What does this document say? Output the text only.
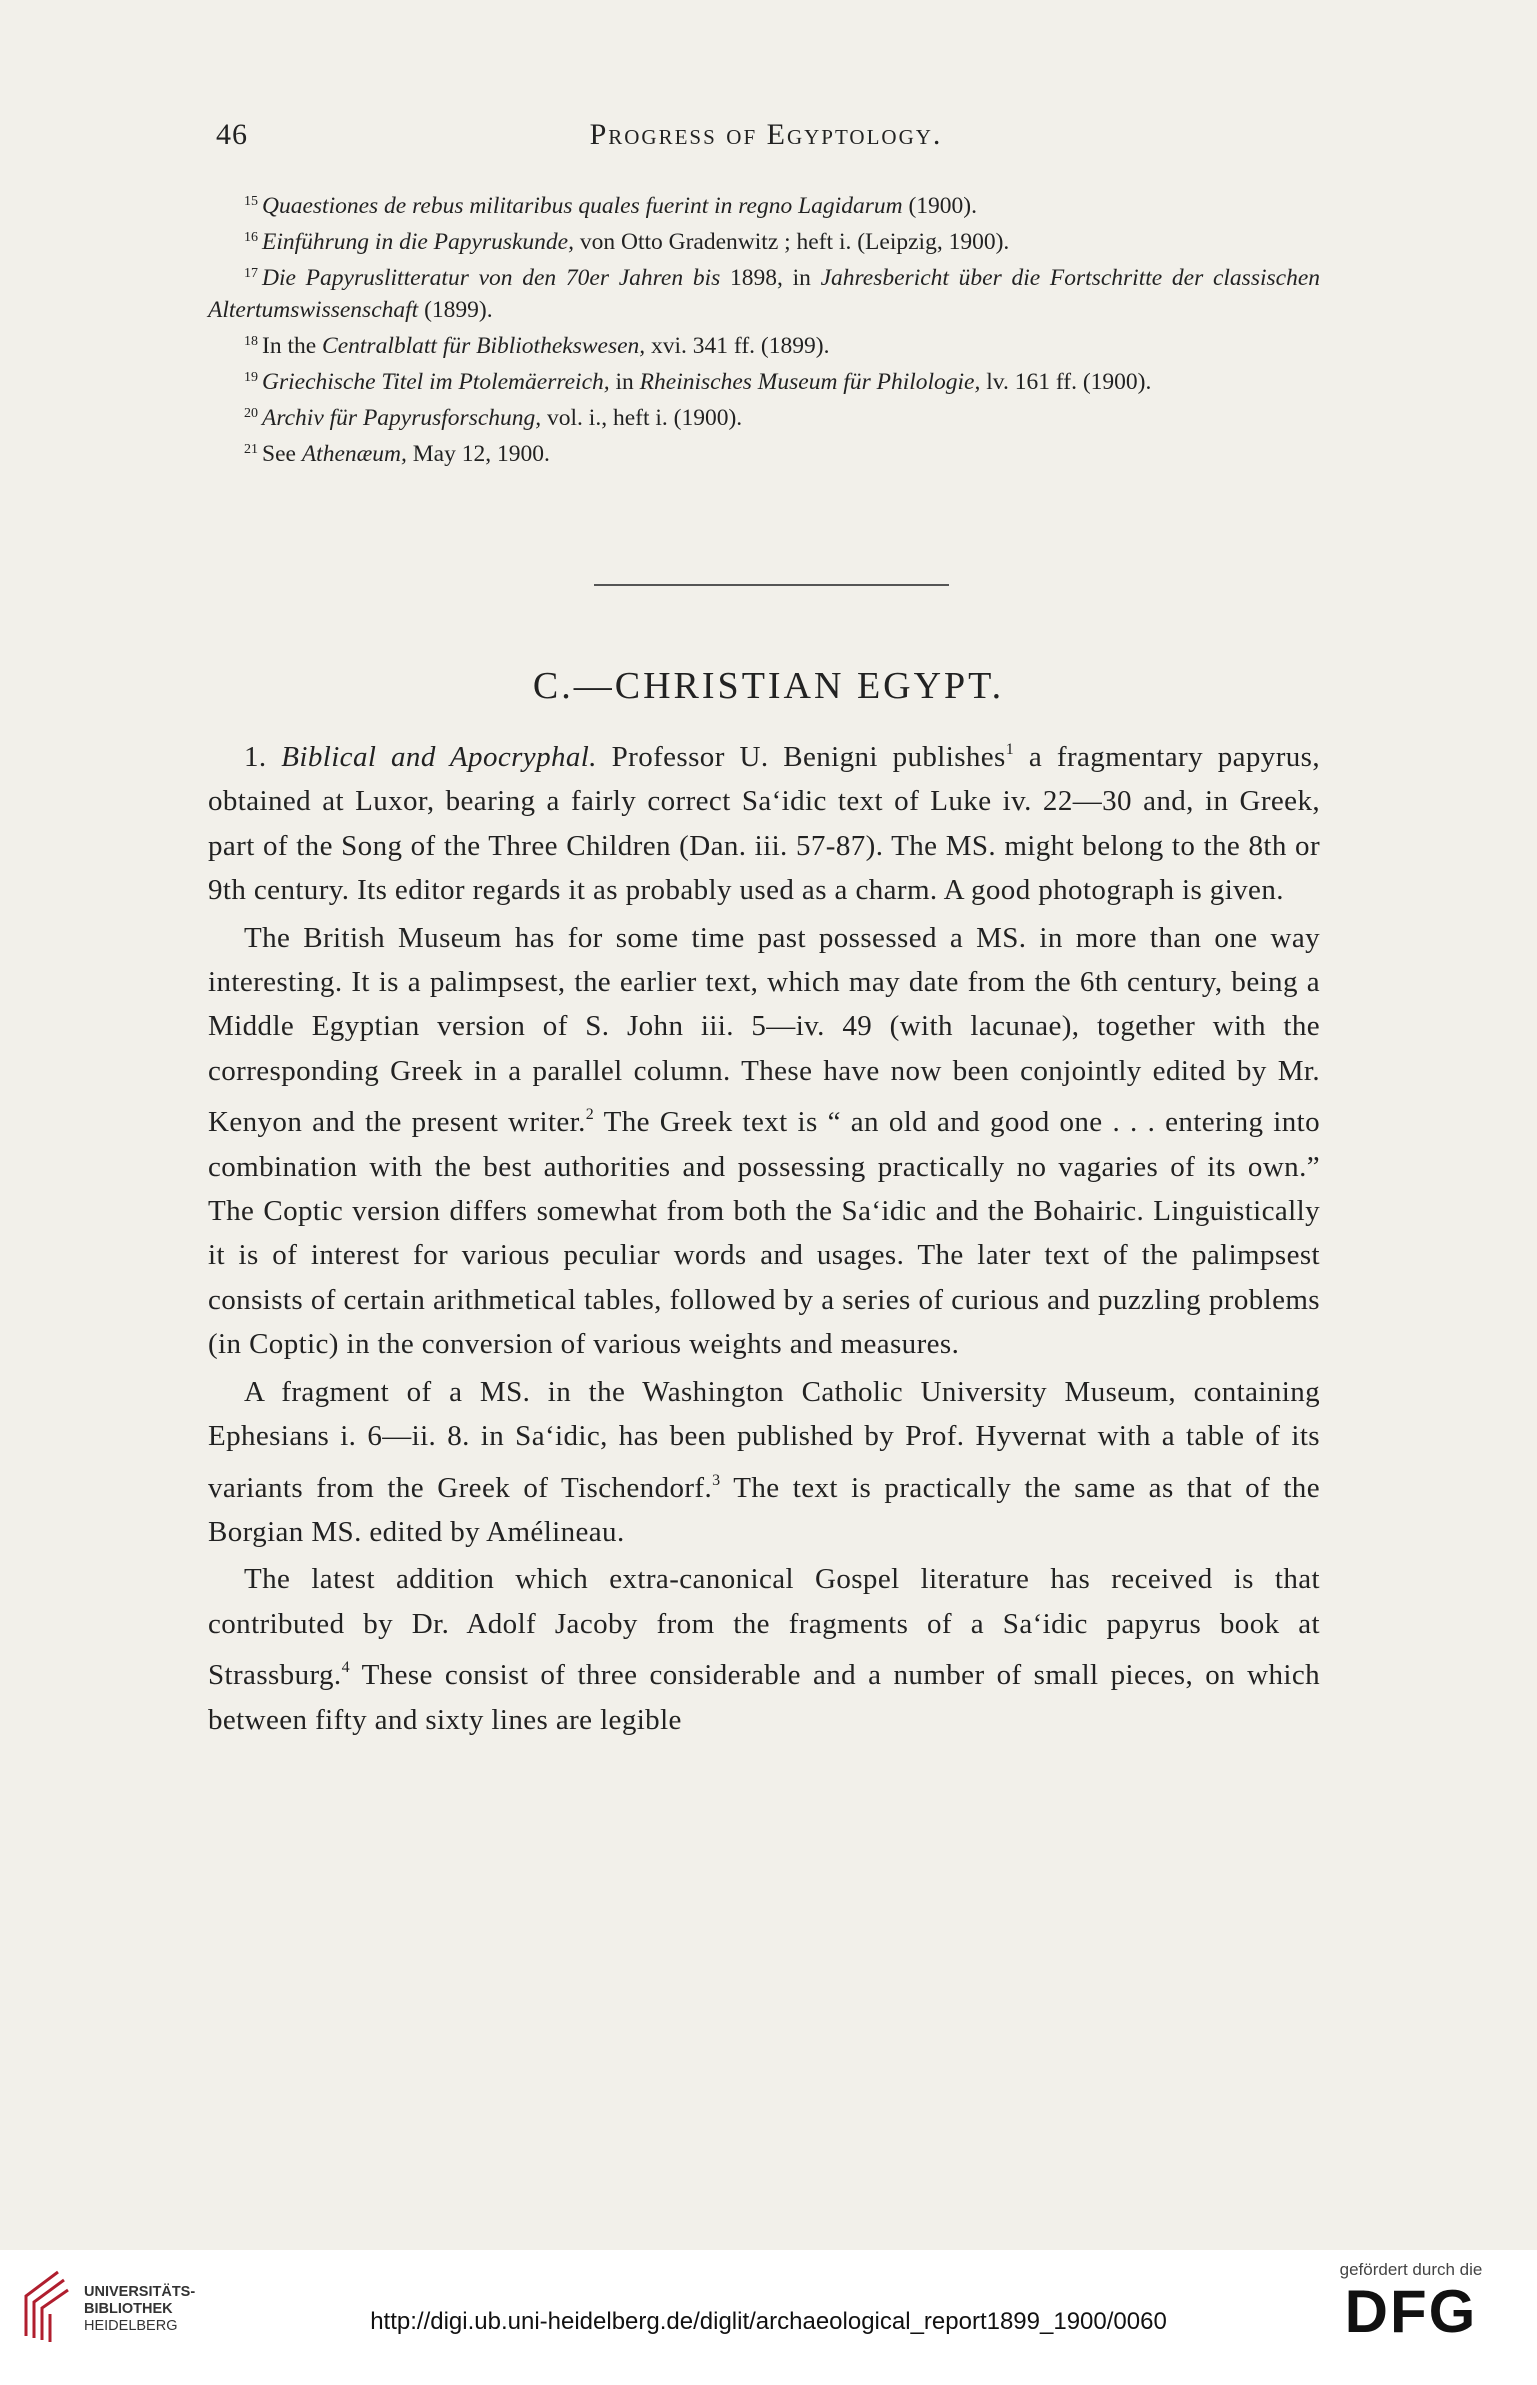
46	Progress of Egyptology.

$^{15}$ Quaestiones de rebus militaribus quales fuerint in regno Lagidarum (1900).

$^{16}$ Einführung in die Papyruskunde, von Otto Gradenwitz ; heft i. (Leipzig, 1900).

$^{17}$ Die Papyruslitteratur von den 70er Jahren bis 1898, in Jahresbericht über die Fortschritte der classischen Altertumswissenschaft (1899).

$^{18}$ In the Centralblatt für Bibliothekswesen, xvi. 341 ff. (1899).

$^{19}$ Griechische Titel im Ptolemäerreich, in Rheinisches Museum für Philologie, lv. 161 ff. (1900).

$^{20}$ Archiv für Papyrusforschung, vol. i., heft i. (1900).

$^{21}$ See Athenæum, May 12, 1900.

C.—CHRISTIAN EGYPT.

1. Biblical and Apocryphal. Professor U. Benigni publishes$^1$ a fragmentary papyrus, obtained at Luxor, bearing a fairly correct Sa‘idic text of Luke iv. 22—30 and, in Greek, part of the Song of the Three Children (Dan. iii. 57-87). The MS. might belong to the 8th or 9th century. Its editor regards it as probably used as a charm. A good photograph is given.

The British Museum has for some time past possessed a MS. in more than one way interesting. It is a palimpsest, the earlier text, which may date from the 6th century, being a Middle Egyptian version of S. John iii. 5—iv. 49 (with lacunae), together with the corresponding Greek in a parallel column. These have now been conjointly edited by Mr. Kenyon and the present writer.$^2$ The Greek text is “ an old and good one . . . entering into combination with the best authorities and possessing practically no vagaries of its own.” The Coptic version differs somewhat from both the Sa‘idic and the Bohairic. Linguistically it is of interest for various peculiar words and usages. The later text of the palimpsest consists of certain arithmetical tables, followed by a series of curious and puzzling problems (in Coptic) in the conversion of various weights and measures.

A fragment of a MS. in the Washington Catholic University Museum, containing Ephesians i. 6—ii. 8. in Sa‘idic, has been published by Prof. Hyvernat with a table of its variants from the Greek of Tischendorf.$^3$ The text is practically the same as that of the Borgian MS. edited by Amélineau.

The latest addition which extra-canonical Gospel literature has received is that contributed by Dr. Adolf Jacoby from the fragments of a Sa‘idic papyrus book at Strassburg.$^4$ These consist of three considerable and a number of small pieces, on which between fifty and sixty lines are legible

UNIVERSITÄTS-
BIBLIOTHEK
HEIDELBERG	http://digi.ub.uni-heidelberg.de/diglit/archaeological_report1899_1900/0060
gefördert durch die
DFG
